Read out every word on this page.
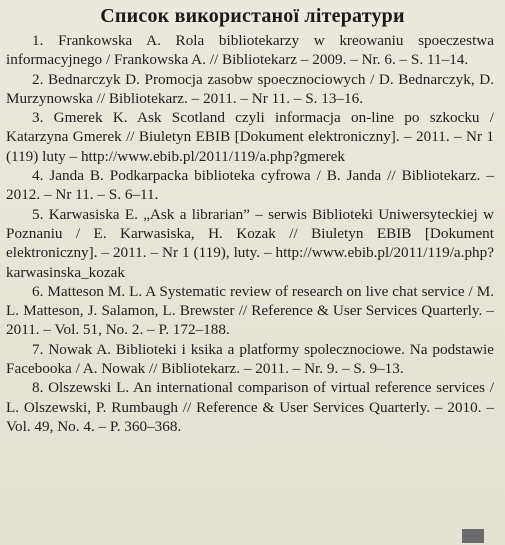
Список використаної літератури

1. Frankowska A. Rola bibliotekarzy w kreowaniu spoeczestwa informacyjnego / Frankowska A. // Bibliotekarz – 2009. – Nr. 6. – S. 11–14.

2. Bednarczyk D. Promocja zasobw spoecznociowych / D. Bednarczyk, D. Murzynowska // Bibliotekarz. – 2011. – Nr 11. – S. 13–16.

3. Gmerek K. Ask Scotland czyli informacja on-line po szkocku / Katarzyna Gmerek // Biuletyn EBIB [Dokument elektroniczny]. – 2011. – Nr 1 (119) luty – http://www.ebib.pl/2011/119/a.php?gmerek

4. Janda B. Podkarpacka biblioteka cyfrowa / B. Janda // Bibliotekarz. – 2012. – Nr 11. – S. 6–11.

5. Karwasiska E. „Ask a librarian” – serwis Biblioteki Uniwersyteckiej w Poznaniu / E. Karwasiska, H. Kozak // Biuletyn EBIB [Dokument elektroniczny]. – 2011. – Nr 1 (119), luty. – http://www.ebib.pl/2011/119/a.php?karwasinska_kozak

6. Matteson M. L. A Systematic review of research on live chat service / M. L. Matteson, J. Salamon, L. Brewster // Reference & User Services Quarterly. – 2011. – Vol. 51, No. 2. – P. 172–188.

7. Nowak A. Biblioteki i ksika a platformy spolecznociowe. Na podstawie Facebooka / A. Nowak // Bibliotekarz. – 2011. – Nr. 9. – S. 9–13.

8. Olszewski L. An international comparison of virtual reference services / L. Olszewski, P. Rumbaugh // Reference & User Services Quarterly. – 2010. – Vol. 49, No. 4. – P. 360–368.
